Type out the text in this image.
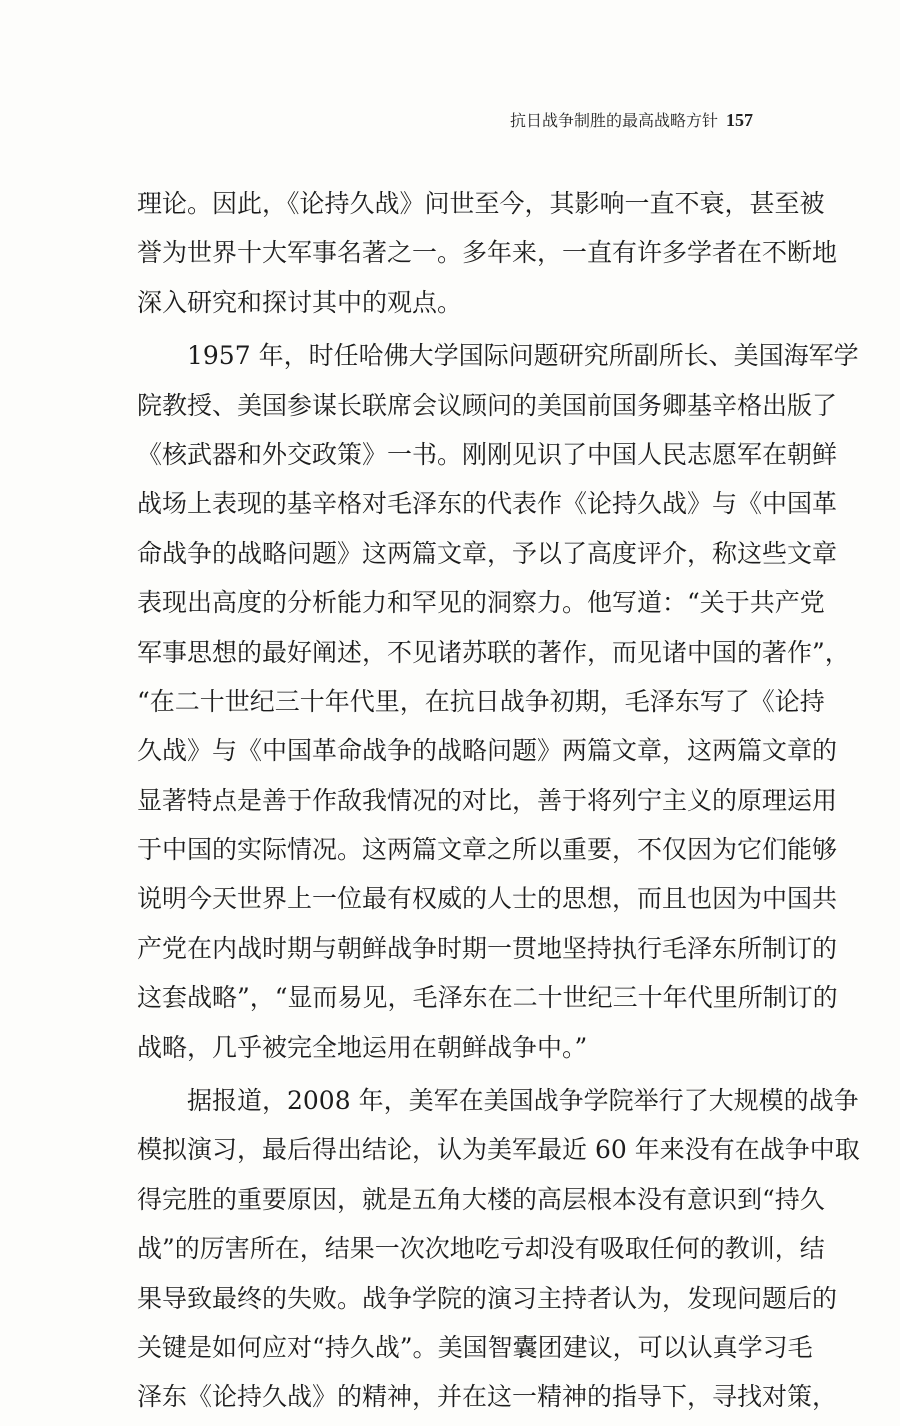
抗日战争制胜的最高战略方针 157
理论。因此，《论持久战》问世至今，其影响一直不衰，甚至被
誉为世界十大军事名著之一。多年来，一直有许多学者在不断地
深入研究和探讨其中的观点。
1957 年，时任哈佛大学国际问题研究所副所长、美国海军学
院教授、美国参谋长联席会议顾问的美国前国务卿基辛格出版了
《核武器和外交政策》一书。刚刚见识了中国人民志愿军在朝鲜
战场上表现的基辛格对毛泽东的代表作《论持久战》与《中国革
命战争的战略问题》这两篇文章，予以了高度评介，称这些文章
表现出高度的分析能力和罕见的洞察力。他写道：“关于共产党
军事思想的最好阐述，不见诸苏联的著作，而见诸中国的著作”，
“在二十世纪三十年代里，在抗日战争初期，毛泽东写了《论持
久战》与《中国革命战争的战略问题》两篇文章，这两篇文章的
显著特点是善于作敌我情况的对比，善于将列宁主义的原理运用
于中国的实际情况。这两篇文章之所以重要，不仅因为它们能够
说明今天世界上一位最有权威的人士的思想，而且也因为中国共
产党在内战时期与朝鲜战争时期一贯地坚持执行毛泽东所制订的
这套战略”，“显而易见，毛泽东在二十世纪三十年代里所制订的
战略，几乎被完全地运用在朝鲜战争中。”
据报道，2008 年，美军在美国战争学院举行了大规模的战争
模拟演习，最后得出结论，认为美军最近 60 年来没有在战争中取
得完胜的重要原因，就是五角大楼的高层根本没有意识到“持久
战”的厉害所在，结果一次次地吃亏却没有吸取任何的教训，结
果导致最终的失败。战争学院的演习主持者认为，发现问题后的
关键是如何应对“持久战”。美国智囊团建议，可以认真学习毛
泽东《论持久战》的精神，并在这一精神的指导下，寻找对策，
